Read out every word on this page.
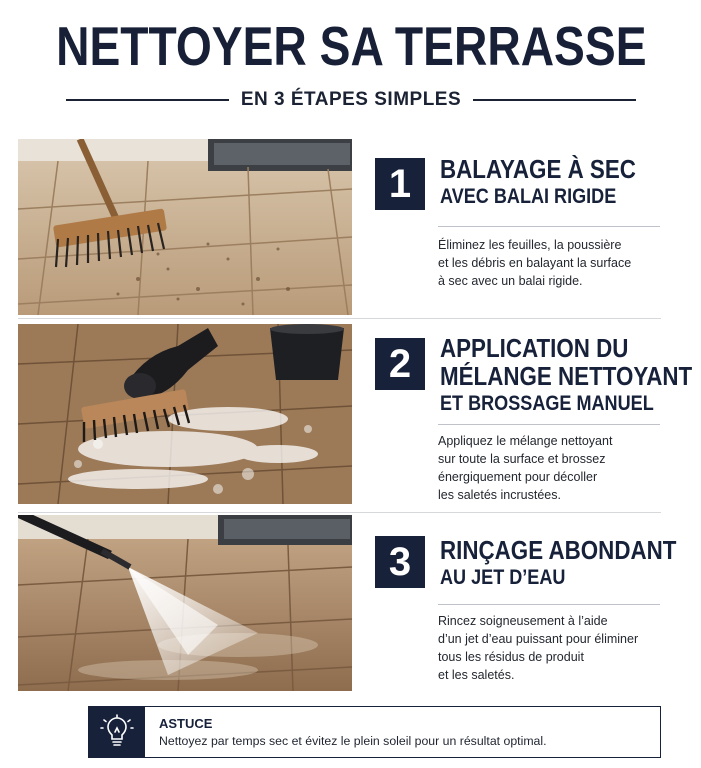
NETTOYER SA TERRASSE
EN 3 ÉTAPES SIMPLES
1	BALAYAGE À SEC
AVEC BALAI RIGIDE
Éliminez les feuilles, la poussière
et les débris en balayant la surface
à sec avec un balai rigide.
2	APPLICATION DU
MÉLANGE NETTOYANT
ET BROSSAGE MANUEL
Appliquez le mélange nettoyant
sur toute la surface et brossez
énergiquement pour décoller
les saletés incrustées.
3	RINÇAGE ABONDANT
AU JET D’EAU
Rincez soigneusement à l’aide
d’un jet d’eau puissant pour éliminer
tous les résidus de produit
et les saletés.
ASTUCE
Nettoyez par temps sec et évitez le plein soleil pour un résultat optimal.
